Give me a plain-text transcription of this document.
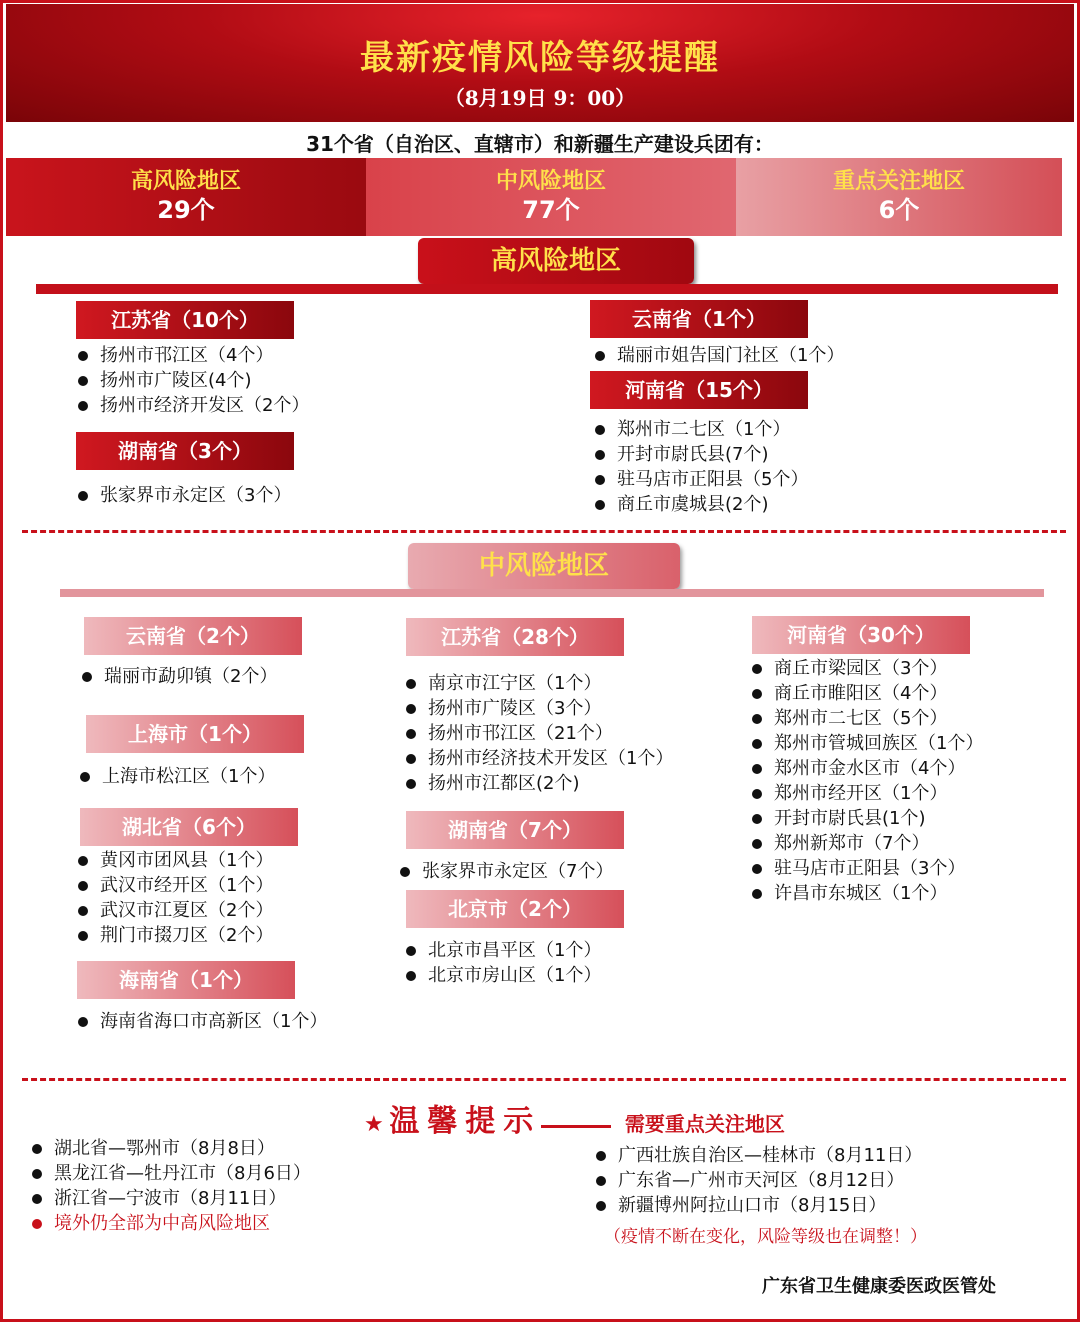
最新疫情风险等级提醒
（8月19日 9：00）
31个省（自治区、直辖市）和新疆生产建设兵团有：
高风险地区
29个
中风险地区
77个
重点关注地区
6个
高风险地区
江苏省（10个）
扬州市邗江区（4个）
扬州市广陵区(4个)
扬州市经济开发区（2个）
湖南省（3个）
张家界市永定区（3个）
云南省（1个）
瑞丽市姐告国门社区（1个）
河南省（15个）
郑州市二七区（1个）
开封市尉氏县(7个)
驻马店市正阳县（5个）
商丘市虞城县(2个)
中风险地区
云南省（2个）
瑞丽市勐卯镇（2个）
上海市（1个）
上海市松江区（1个）
湖北省（6个）
黄冈市团风县（1个）
武汉市经开区（1个）
武汉市江夏区（2个）
荆门市掇刀区（2个）
海南省（1个）
海南省海口市高新区（1个）
江苏省（28个）
南京市江宁区（1个）
扬州市广陵区（3个）
扬州市邗江区（21个）
扬州市经济技术开发区（1个）
扬州市江都区(2个)
湖南省（7个）
张家界市永定区（7个）
北京市（2个）
北京市昌平区（1个）
北京市房山区（1个）
河南省（30个）
商丘市梁园区（3个）
商丘市睢阳区（4个）
郑州市二七区（5个）
郑州市管城回族区（1个）
郑州市金水区市（4个）
郑州市经开区（1个）
开封市尉氏县(1个)
郑州新郑市（7个）
驻马店市正阳县（3个）
许昌市东城区（1个）
★ 温馨提示	需要重点关注地区
湖北省—鄂州市（8月8日）
黑龙江省—牡丹江市（8月6日）
浙江省—宁波市（8月11日）
境外仍全部为中高风险地区
广西壮族自治区—桂林市（8月11日）
广东省—广州市天河区（8月12日）
新疆博州阿拉山口市（8月15日）
（疫情不断在变化，风险等级也在调整！）
广东省卫生健康委医政医管处
